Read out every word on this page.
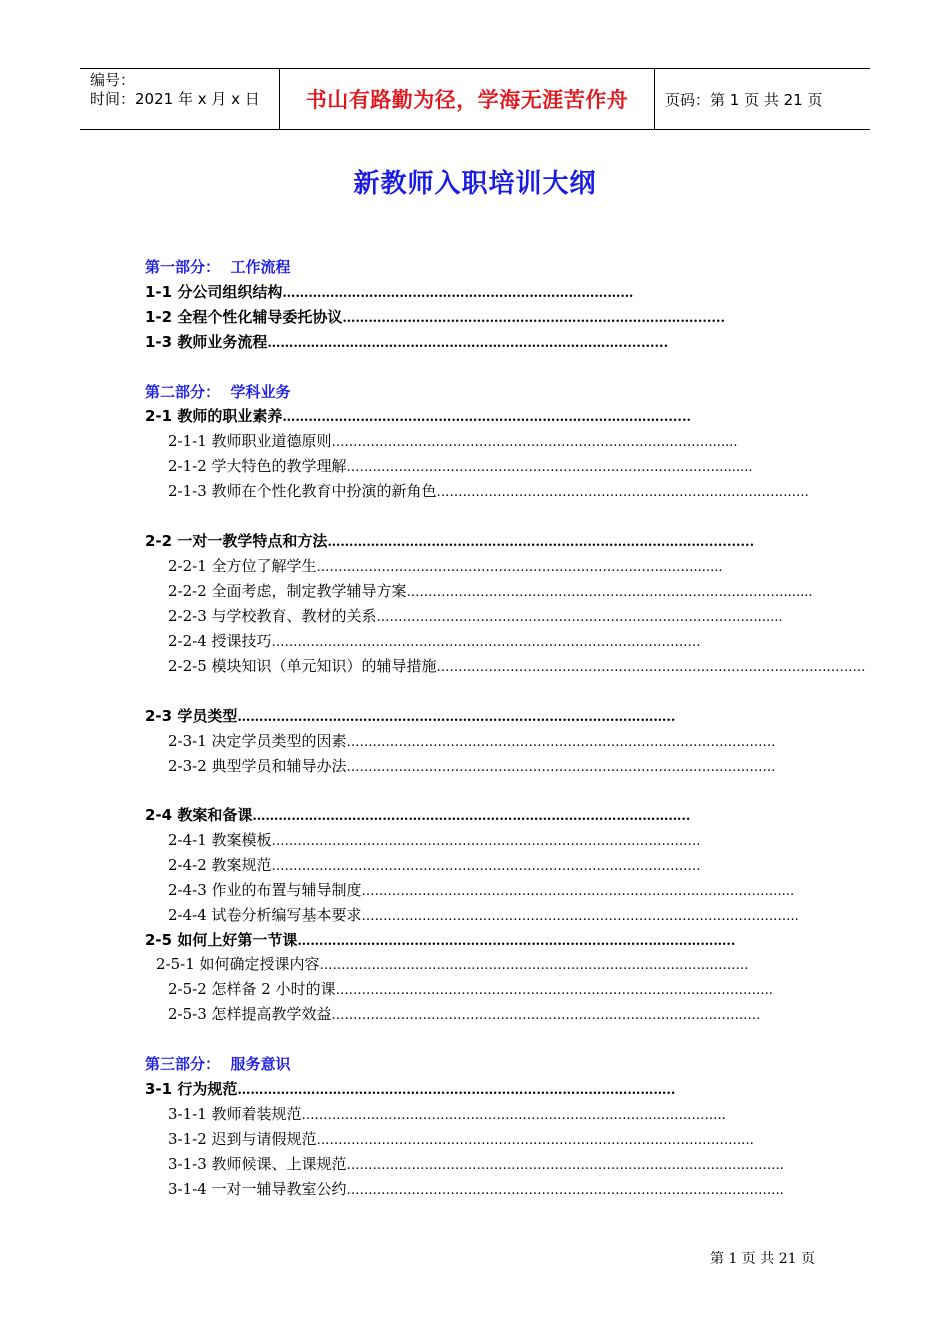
编号：
时间：2021 年 x 月 x 日	书山有路勤为径，学海无涯苦作舟	页码：第 1 页 共 21 页
新教师入职培训大纲
第一部分：  工作流程
1-1 分公司组织结构 ………………………………………………………………………
1-2 全程个性化辅导委托协议 ……………………………………………………………………….......
1-3 教师业务流程 ………………………………………………………………………...........
第二部分：  学科业务
2-1 教师的职业素养 …………………………………………………………………………….......
2-1-1 教师职业道德原则 …………………………………………………………………………….......
2-1-2 学大特色的教学理解 …………………………………………………………………………….......
2-1-3 教师在个性化教育中扮演的新角色 ……………………………………………………………………….….
2-2 一对一教学特点和方法 ……………………………………………………………………………...........
2-2-1 全方位了解学生 …………………………………………………………………………….......
2-2-2 全面考虑，制定教学辅导方案 …………………………………………………………………………….......
2-2-3 与学校教育、教材的关系 …………………………………………………………………………….......
2-2-4 授课技巧 ………………………………………………………………………………………
2-2-5 模块知识（单元知识）的辅导措施 ………………………………………………………………………………………
2-3 学员类型 ………………………………………………………………………………………..
2-3-1 决定学员类型的因素 ………………………………………………………………………………………
2-3-2 典型学员和辅导办法 ………………………………………………………………………………………
2-4 教案和备课 ………………………………………………………………………………………..
2-4-1 教案模板 ………………………………………………………………………………………
2-4-2 教案规范 ………………………………………………………………………………………
2-4-3 作业的布置与辅导制度 ……………………………………………………………………………………....
2-4-4 试卷分析编写基本要求 ………………………………………………………………………………………..
2-5 如何上好第一节课 ………………………………………………………………………………………..
2-5-1 如何确定授课内容 ………………………………………………………………………………………
2-5-2 怎样备 2 小时的课 ………………………………………………………………………………………..
2-5-3 怎样提高教学效益 ………………………………………………………………………………………
第三部分：  服务意识
3-1 行为规范 ………………………………………………………………………………………..
3-1-1 教师着装规范 ……………………………………………………………………………………..
3-1-2 迟到与请假规范 ………………………………………………………………………………………..
3-1-3 教师候课、上课规范 ………………………………………………………………………………………..
3-1-4 一对一辅导教室公约 ………………………………………………………………………………………..
第 1 页 共 21 页
